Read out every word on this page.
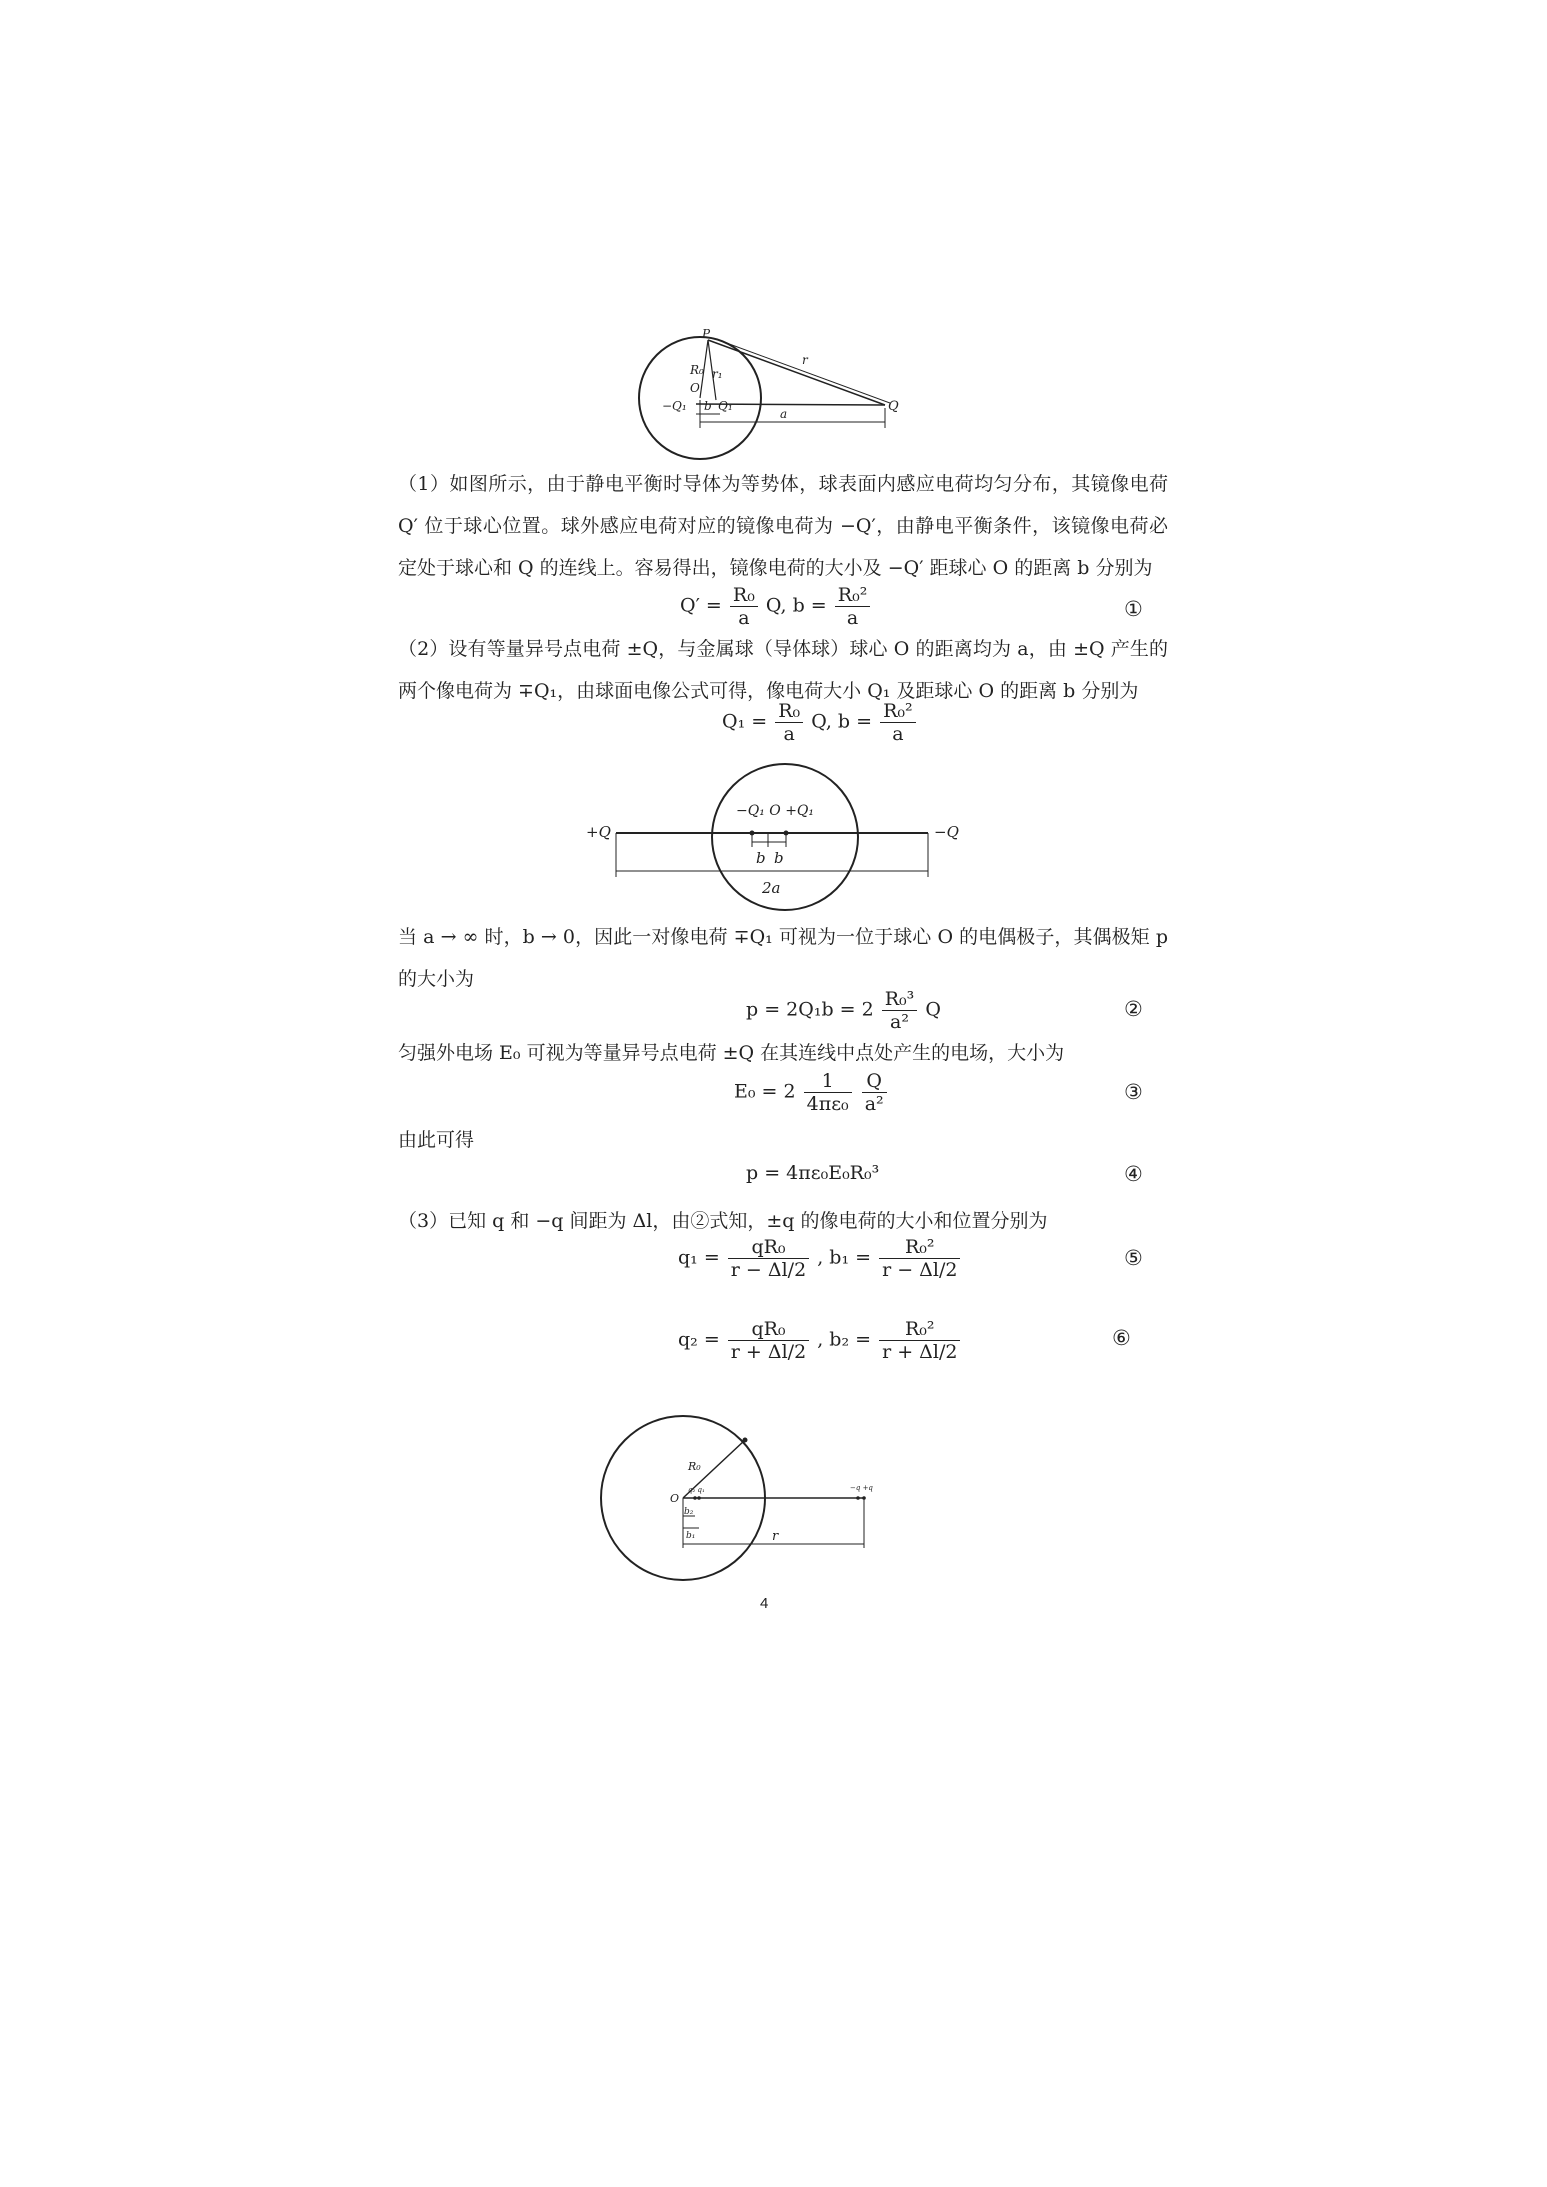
P
r
R₀ r₁
O
−Q₁ b Q₁	Q
a
（1）如图所示，由于静电平衡时导体为等势体，球表面内感应电荷均匀分布，其镜像电荷 Q′ 位于球心位置。球外感应电荷对应的镜像电荷为 −Q′，由静电平衡条件，该镜像电荷必定处于球心和 Q 的连线上。容易得出，镜像电荷的大小及 −Q′ 距球心 O 的距离 b 分别为
$Q' = \frac{\text{R₀}}{a} Q$, $b = \frac{\text{R₀²}}{a}$	①
（2）设有等量异号点电荷 ±Q，与金属球（导体球）球心 O 的距离均为 a，由 ±Q 产生的两个像电荷为 ∓Q₁，由球面电像公式可得，像电荷大小 Q₁ 及距球心 O 的距离 b 分别为
$Q_1 = \frac{\text{R₀}}{a} Q$, $b = \frac{\text{R₀²}}{a}$
+Q	−Q
−Q₁ O +Q₁
b b
2a
当 a → ∞ 时，b → 0，因此一对像电荷 ∓Q₁ 可视为一位于球心 O 的电偶极子，其偶极矩 p 的大小为
$p = 2Q_1b = 2 \frac{\text{R₀³}}{\text{a²}}$ Q	②
匀强外电场 E₀ 可视为等量异号点电荷 ±Q 在其连线中点处产生的电场，大小为
$E_0 = 2 \frac{1}{\text{4πε₀}}$
$\frac{Q}{\text{a²}}$	③
由此可得
p = 4πε₀E₀R₀³	④
（3）已知 q 和 −q 间距为 Δl，由②式知，±q 的像电荷的大小和位置分别为
$q_1 = \frac{\text{qR₀}}{r - \Delta l/2}$ , $b_1 = \frac{\text{R₀²}}{r - \Delta l/2}$	⑤
$q_2 = \frac{\text{qR₀}}{r + \Delta l/2}$ , $b_2 = \frac{\text{R₀²}}{r + \Delta l/2}$	⑥
R₀
O
q₂ q₁
b₂
b₁	r
−q +q
4
